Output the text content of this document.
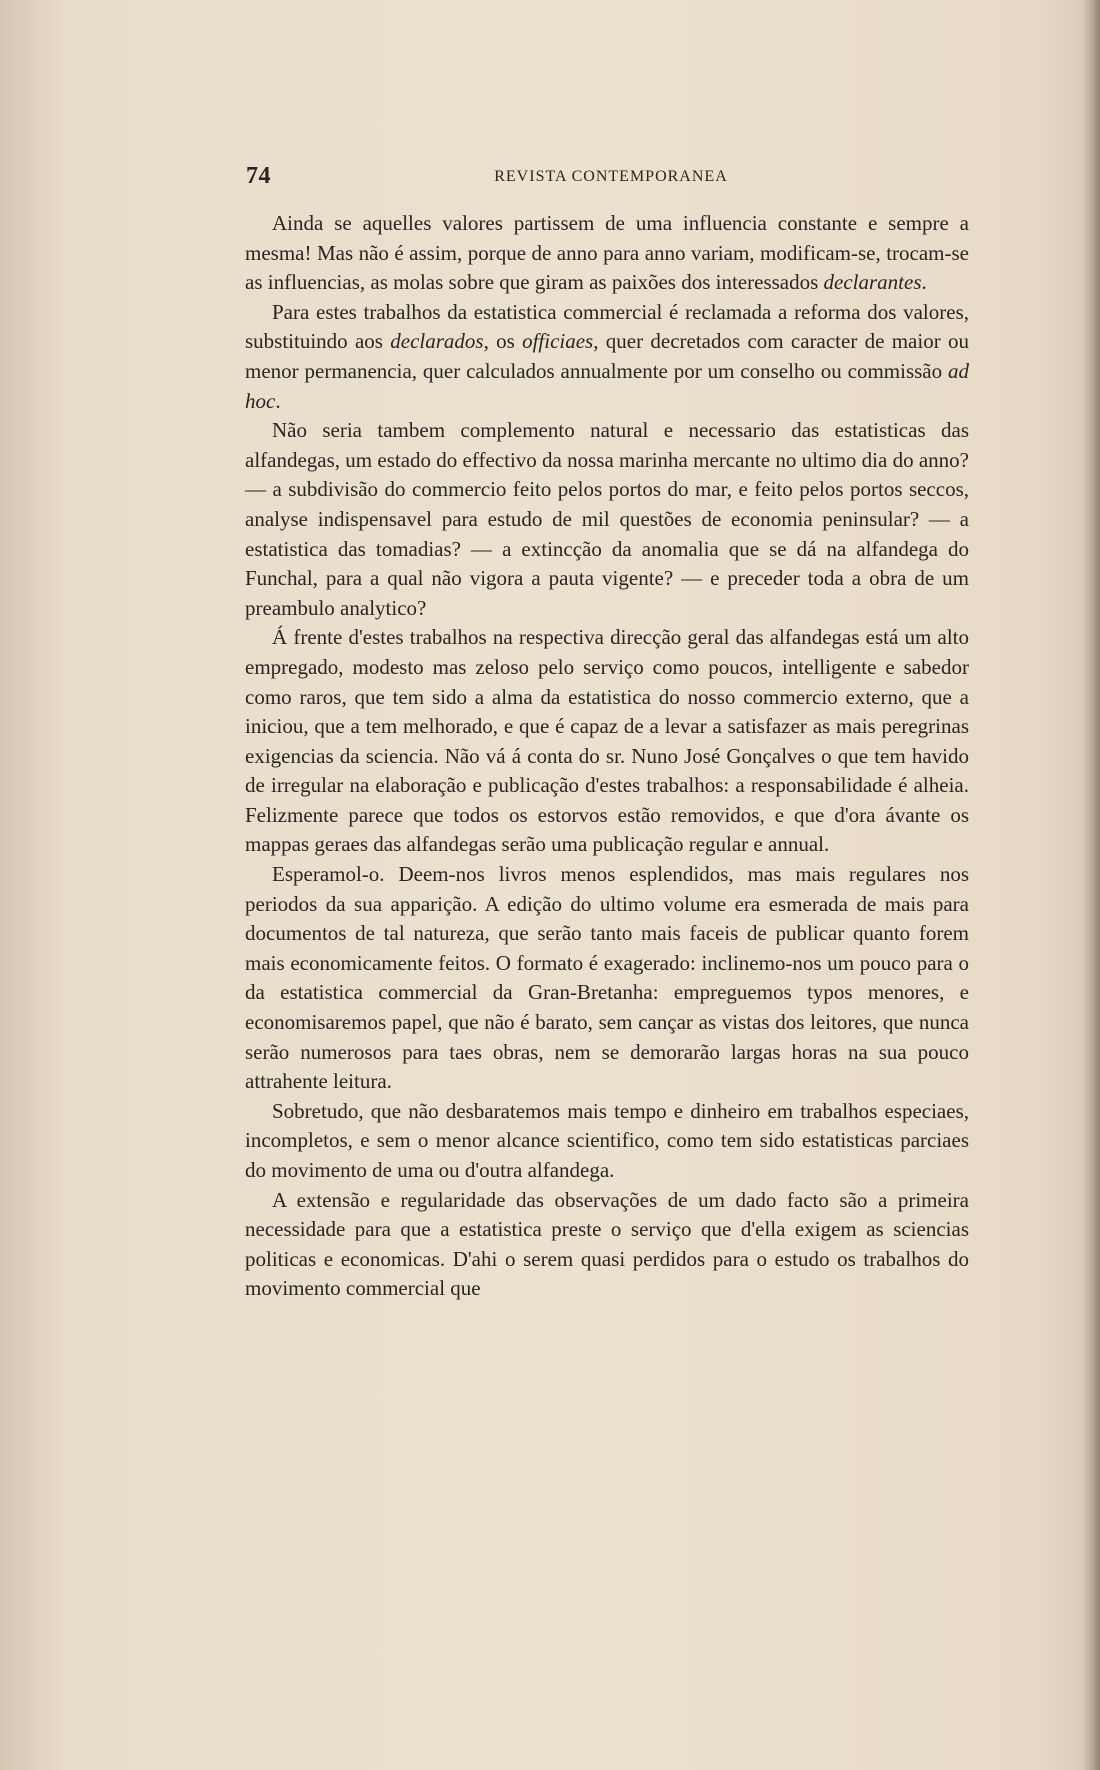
74	REVISTA CONTEMPORANEA

Ainda se aquelles valores partissem de uma influencia constante e sempre a mesma! Mas não é assim, porque de anno para anno variam, modificam-se, trocam-se as influencias, as molas sobre que giram as paixões dos interessados declarantes.

Para estes trabalhos da estatistica commercial é reclamada a reforma dos valores, substituindo aos declarados, os officiaes, quer decretados com caracter de maior ou menor permanencia, quer calculados annualmente por um conselho ou commissão ad hoc.

Não seria tambem complemento natural e necessario das estatisticas das alfandegas, um estado do effectivo da nossa marinha mercante no ultimo dia do anno? — a subdivisão do commercio feito pelos portos do mar, e feito pelos portos seccos, analyse indispensavel para estudo de mil questões de economia peninsular? — a estatistica das tomadias? — a extincção da anomalia que se dá na alfandega do Funchal, para a qual não vigora a pauta vigente? — e preceder toda a obra de um preambulo analytico?

Á frente d'estes trabalhos na respectiva direcção geral das alfandegas está um alto empregado, modesto mas zeloso pelo serviço como poucos, intelligente e sabedor como raros, que tem sido a alma da estatistica do nosso commercio externo, que a iniciou, que a tem melhorado, e que é capaz de a levar a satisfazer as mais peregrinas exigencias da sciencia. Não vá á conta do sr. Nuno José Gonçalves o que tem havido de irregular na elaboração e publicação d'estes trabalhos: a responsabilidade é alheia. Felizmente parece que todos os estorvos estão removidos, e que d'ora ávante os mappas geraes das alfandegas serão uma publicação regular e annual.

Esperamol-o. Deem-nos livros menos esplendidos, mas mais regulares nos periodos da sua apparição. A edição do ultimo volume era esmerada de mais para documentos de tal natureza, que serão tanto mais faceis de publicar quanto forem mais economicamente feitos. O formato é exagerado: inclinemo-nos um pouco para o da estatistica commercial da Gran-Bretanha: empreguemos typos menores, e economisaremos papel, que não é barato, sem cançar as vistas dos leitores, que nunca serão numerosos para taes obras, nem se demorarão largas horas na sua pouco attrahente leitura.

Sobretudo, que não desbaratemos mais tempo e dinheiro em trabalhos especiaes, incompletos, e sem o menor alcance scientifico, como tem sido estatisticas parciaes do movimento de uma ou d'outra alfandega.

A extensão e regularidade das observações de um dado facto são a primeira necessidade para que a estatistica preste o serviço que d'ella exigem as sciencias politicas e economicas. D'ahi o serem quasi perdidos para o estudo os trabalhos do movimento commercial que
